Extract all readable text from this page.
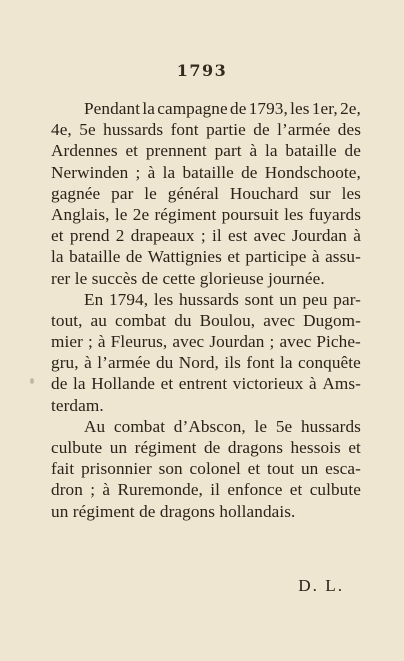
1793
Pendant la campagne de 1793, les 1er, 2e,
4e, 5e hussards font partie de l’armée des
Ardennes et prennent part à la bataille de
Nerwinden ; à la bataille de Hondschoote,
gagnée par le général Houchard sur les
Anglais, le 2e régiment poursuit les fuyards
et prend 2 drapeaux ; il est avec Jourdan à
la bataille de Wattignies et participe à assu-
rer le succès de cette glorieuse journée.
En 1794, les hussards sont un peu par-
tout, au combat du Boulou, avec Dugom-
mier ; à Fleurus, avec Jourdan ; avec Piche-
gru, à l’armée du Nord, ils font la conquête
de la Hollande et entrent victorieux à Ams-
terdam.
Au combat d’Abscon, le 5e hussards
culbute un régiment de dragons hessois et
fait prisonnier son colonel et tout un esca-
dron ; à Ruremonde, il enfonce et culbute
un régiment de dragons hollandais.
D. L.
